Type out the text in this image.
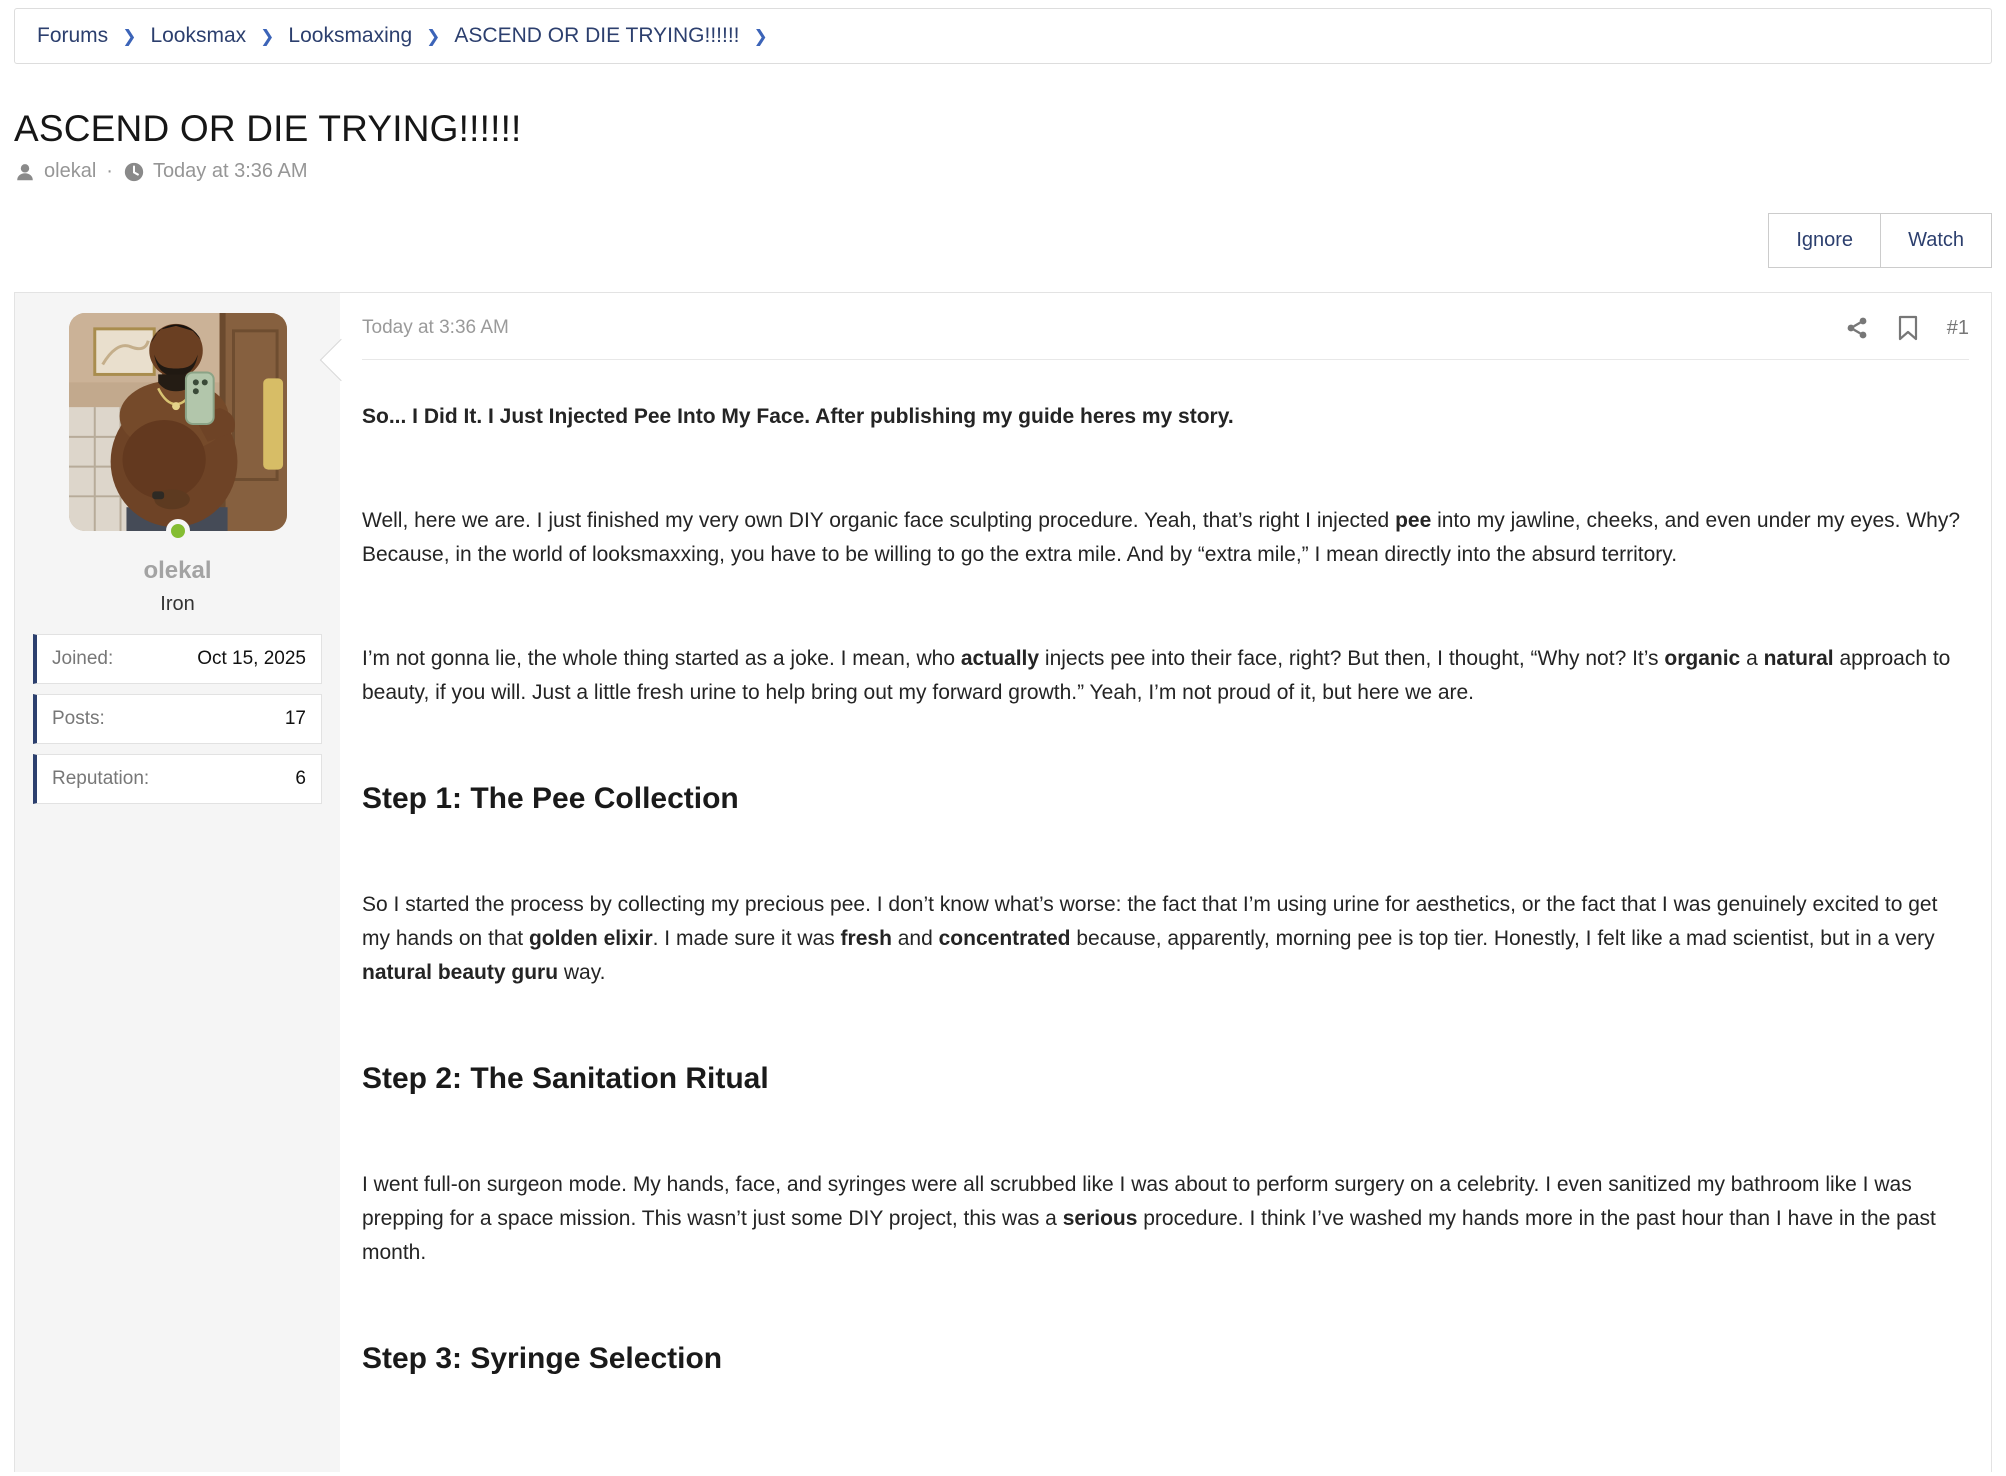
Forums ❯ Looksmax ❯ Looksmaxing ❯ ASCEND OR DIE TRYING!!!!!! ❯
ASCEND OR DIE TRYING!!!!!!
olekal · Today at 3:36 AM
Ignore	Watch
olekal
Iron
Joined:	Oct 15, 2025
Posts:	17
Reputation:	6
Today at 3:36 AM	#1

So... I Did It. I Just Injected Pee Into My Face. After publishing my guide heres my story.

Well, here we are. I just finished my very own DIY organic face sculpting procedure. Yeah, that’s right I injected pee into my jawline, cheeks, and even under my eyes. Why? Because, in the world of looksmaxxing, you have to be willing to go the extra mile. And by “extra mile,” I mean directly into the absurd territory.

I’m not gonna lie, the whole thing started as a joke. I mean, who actually injects pee into their face, right? But then, I thought, “Why not? It’s organic a natural approach to beauty, if you will. Just a little fresh urine to help bring out my forward growth.” Yeah, I’m not proud of it, but here we are.

Step 1: The Pee Collection

So I started the process by collecting my precious pee. I don’t know what’s worse: the fact that I’m using urine for aesthetics, or the fact that I was genuinely excited to get my hands on that golden elixir. I made sure it was fresh and concentrated because, apparently, morning pee is top tier. Honestly, I felt like a mad scientist, but in a very natural beauty guru way.

Step 2: The Sanitation Ritual

I went full-on surgeon mode. My hands, face, and syringes were all scrubbed like I was about to perform surgery on a celebrity. I even sanitized my bathroom like I was prepping for a space mission. This wasn’t just some DIY project, this was a serious procedure. I think I’ve washed my hands more in the past hour than I have in the past month.

Step 3: Syringe Selection
